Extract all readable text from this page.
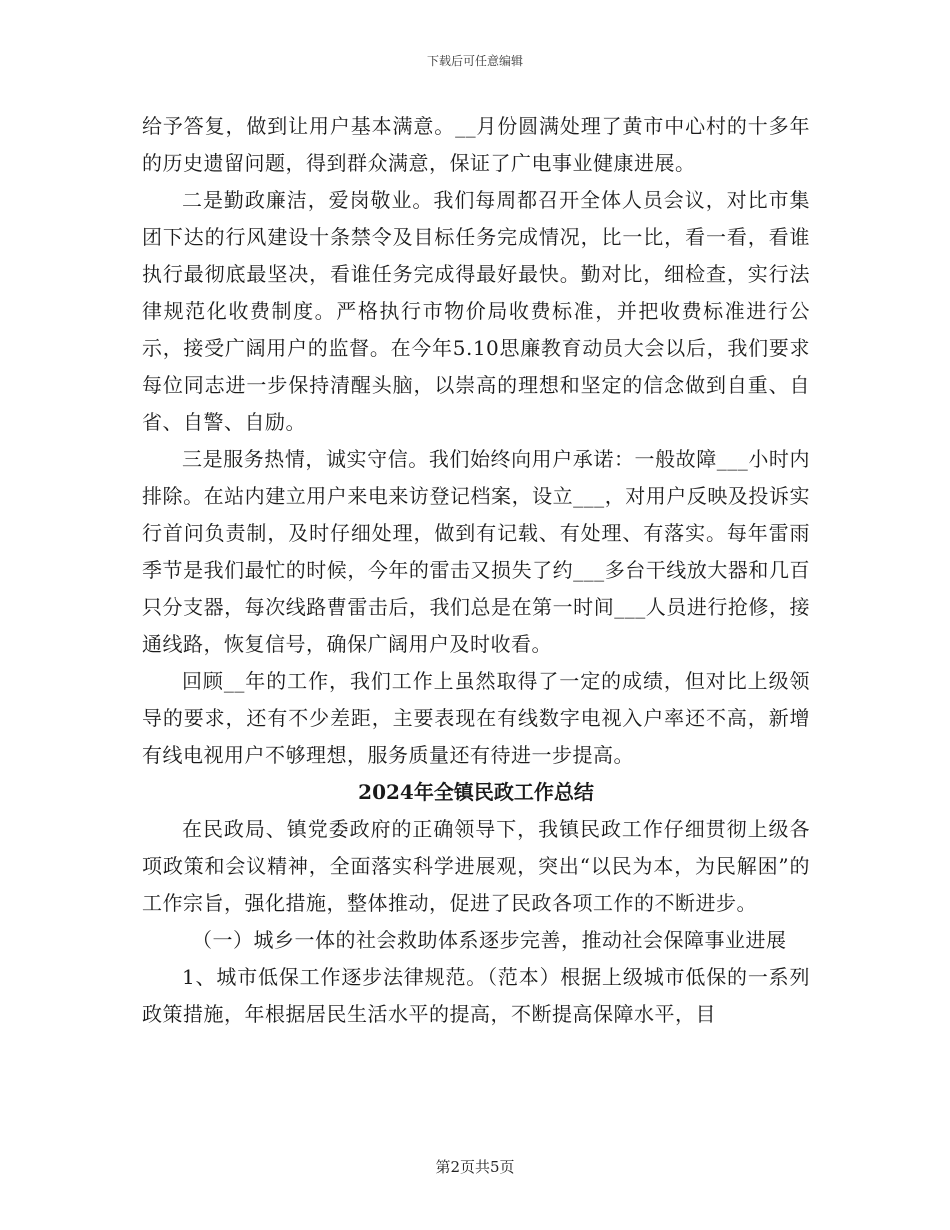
下载后可任意编辑

给予答复，做到让用户基本满意。__月份圆满处理了黄市中心村的十多年的历史遗留问题，得到群众满意，保证了广电事业健康进展。

二是勤政廉洁，爱岗敬业。我们每周都召开全体人员会议，对比市集团下达的行风建设十条禁令及目标任务完成情况，比一比，看一看，看谁执行最彻底最坚决，看谁任务完成得最好最快。勤对比，细检查，实行法律规范化收费制度。严格执行市物价局收费标准，并把收费标准进行公示，接受广阔用户的监督。在今年5.10思廉教育动员大会以后，我们要求每位同志进一步保持清醒头脑，以崇高的理想和坚定的信念做到自重、自省、自警、自励。

三是服务热情，诚实守信。我们始终向用户承诺：一般故障___小时内排除。在站内建立用户来电来访登记档案，设立___，对用户反映及投诉实行首问负责制，及时仔细处理，做到有记载、有处理、有落实。每年雷雨季节是我们最忙的时候，今年的雷击又损失了约___多台干线放大器和几百只分支器，每次线路曹雷击后，我们总是在第一时间___人员进行抢修，接通线路，恢复信号，确保广阔用户及时收看。

回顾__年的工作，我们工作上虽然取得了一定的成绩，但对比上级领导的要求，还有不少差距，主要表现在有线数字电视入户率还不高，新增有线电视用户不够理想，服务质量还有待进一步提高。

2024年全镇民政工作总结

在民政局、镇党委政府的正确领导下，我镇民政工作仔细贯彻上级各项政策和会议精神，全面落实科学进展观，突出“以民为本，为民解困”的工作宗旨，强化措施，整体推动，促进了民政各项工作的不断进步。

（一）城乡一体的社会救助体系逐步完善，推动社会保障事业进展

1、城市低保工作逐步法律规范。（范本）根据上级城市低保的一系列政策措施，年根据居民生活水平的提高，不断提高保障水平，目

第2页共5页
